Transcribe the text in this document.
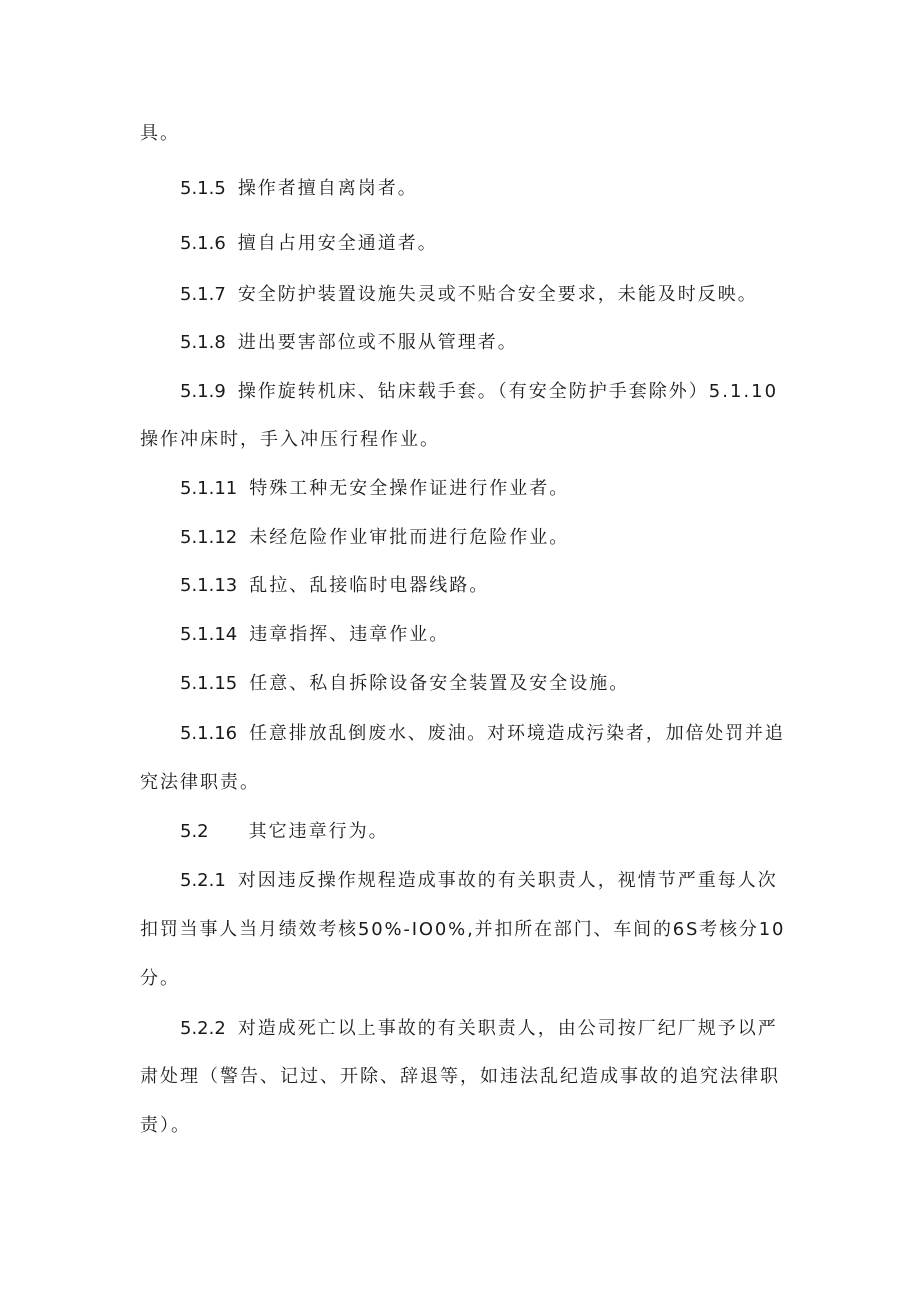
具。
5.1.5 操作者擅自离岗者。
5.1.6 擅自占用安全通道者。
5.1.7 安全防护装置设施失灵或不贴合安全要求，未能及时反映。
5.1.8 进出要害部位或不服从管理者。
5.1.9 操作旋转机床、钻床载手套。（有安全防护手套除外）5.1.10
操作冲床时，手入冲压行程作业。
5.1.11 特殊工种无安全操作证进行作业者。
5.1.12 未经危险作业审批而进行危险作业。
5.1.13 乱拉、乱接临时电器线路。
5.1.14 违章指挥、违章作业。
5.1.15 任意、私自拆除设备安全装置及安全设施。
5.1.16 任意排放乱倒废水、废油。对环境造成污染者，加倍处罚并追
究法律职责。
5.2 其它违章行为。
5.2.1 对因违反操作规程造成事故的有关职责人，视情节严重每人次
扣罚当事人当月绩效考核50%-IO0%,并扣所在部门、车间的6S考核分10
分。
5.2.2 对造成死亡以上事故的有关职责人，由公司按厂纪厂规予以严
肃处理（警告、记过、开除、辞退等，如违法乱纪造成事故的追究法律职
责）。
